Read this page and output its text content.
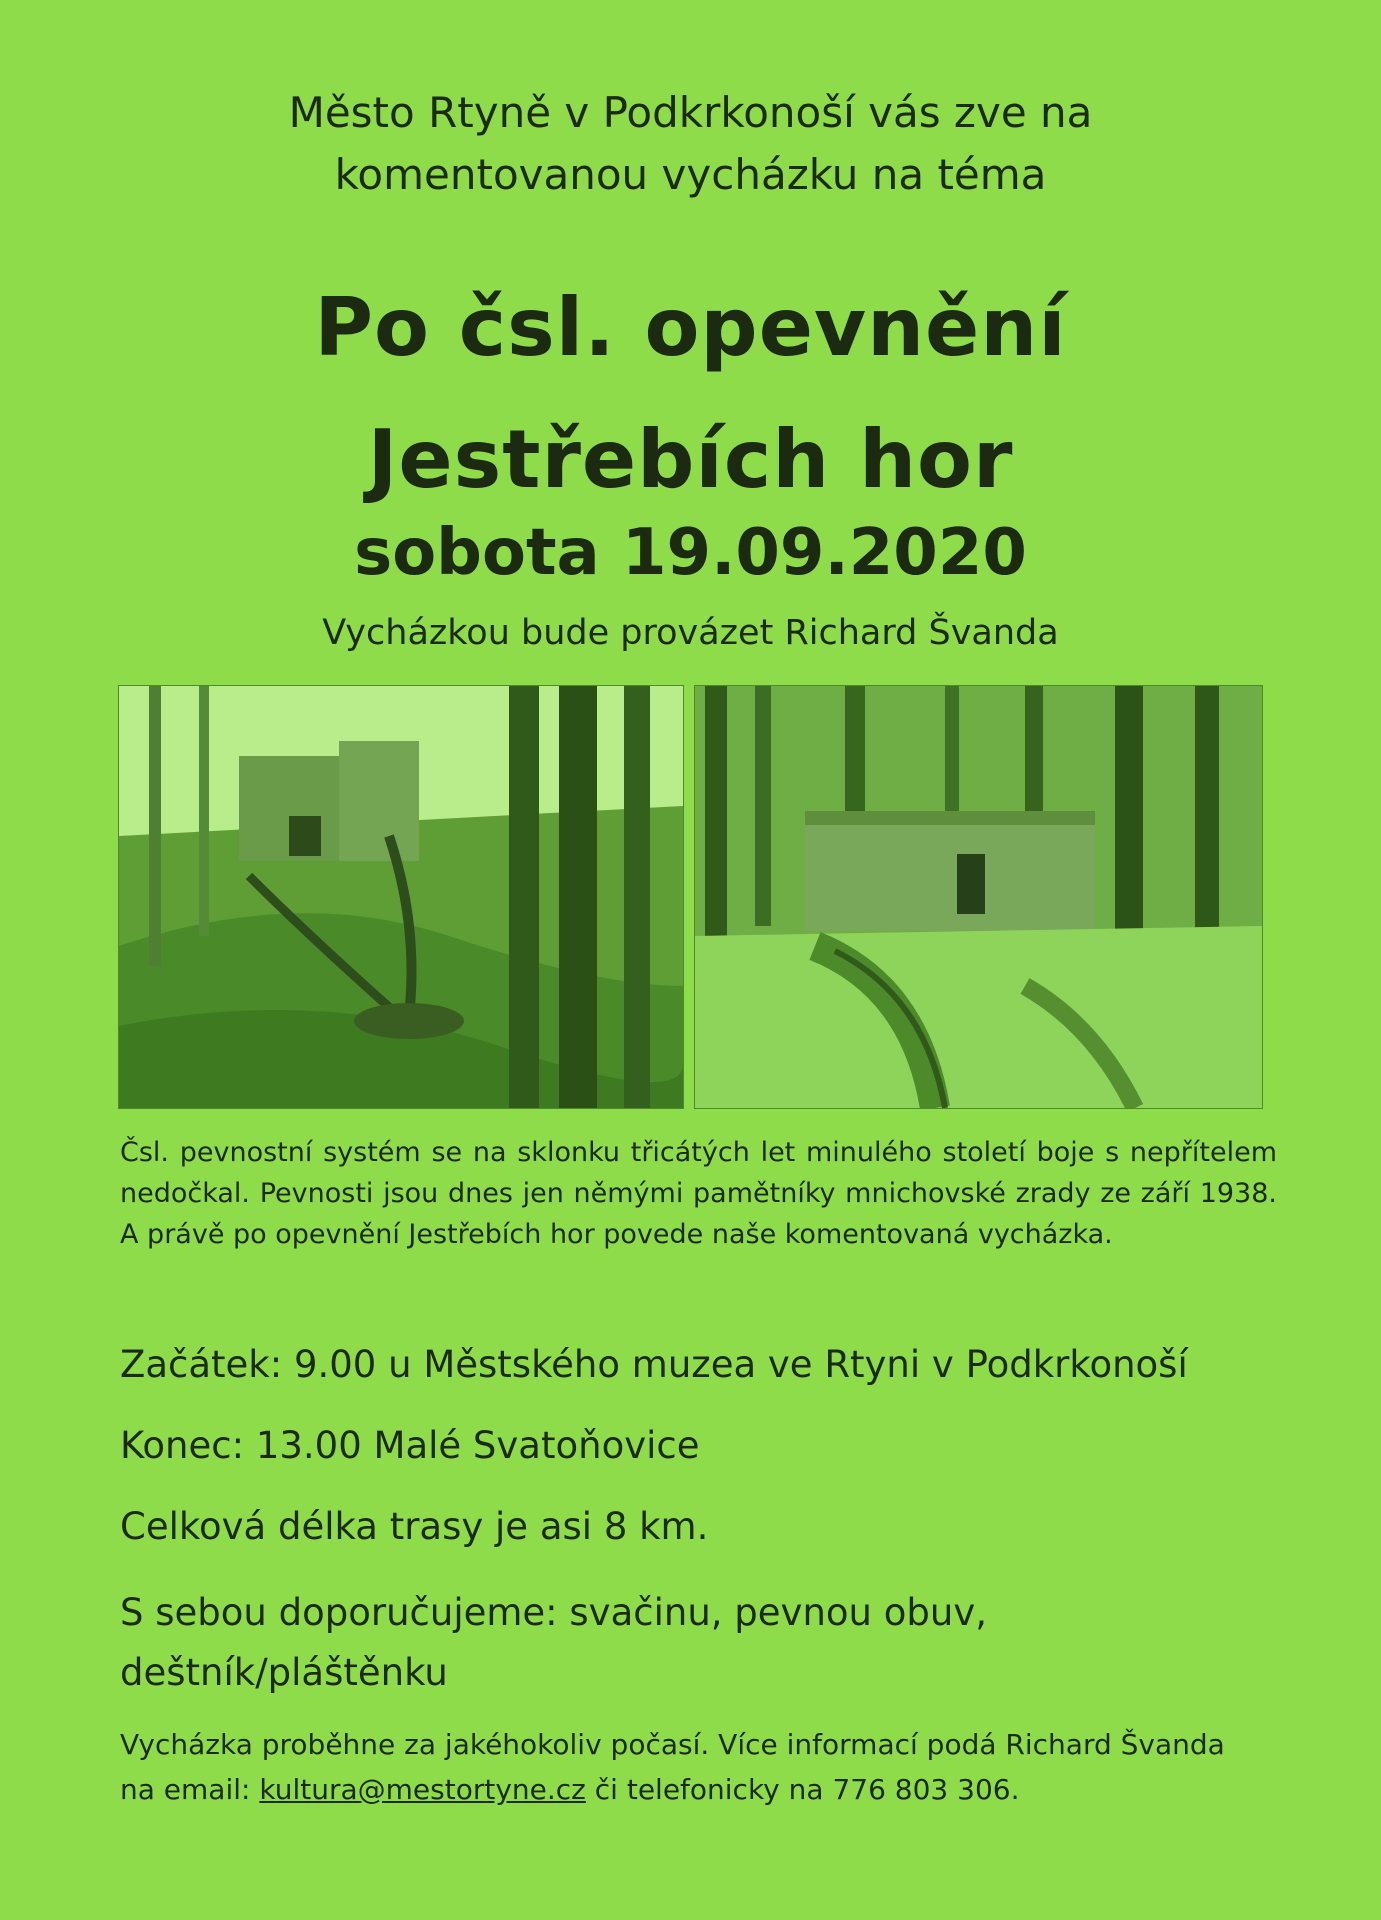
Město Rtyně v Podkrkonoší vás zve na
komentovanou vycházku na téma
Po čsl. opevnění
Jestřebích hor
sobota 19.09.2020
Vycházkou bude provázet Richard Švanda
Čsl. pevnostní systém se na sklonku třicátých let minulého století boje s nepřítelem nedočkal. Pevnosti jsou dnes jen němými pamětníky mnichovské zrady ze září 1938. A právě po opevnění Jestřebích hor povede naše komentovaná vycházka.
Začátek: 9.00 u Městského muzea ve Rtyni v Podkrkonoší
Konec: 13.00 Malé Svatoňovice
Celková délka trasy je asi 8 km.
S sebou doporučujeme: svačinu, pevnou obuv,
deštník/pláštěnku
Vycházka proběhne za jakéhokoliv počasí. Více informací podá Richard Švanda
na email: kultura@mestortyne.cz či telefonicky na 776 803 306.
